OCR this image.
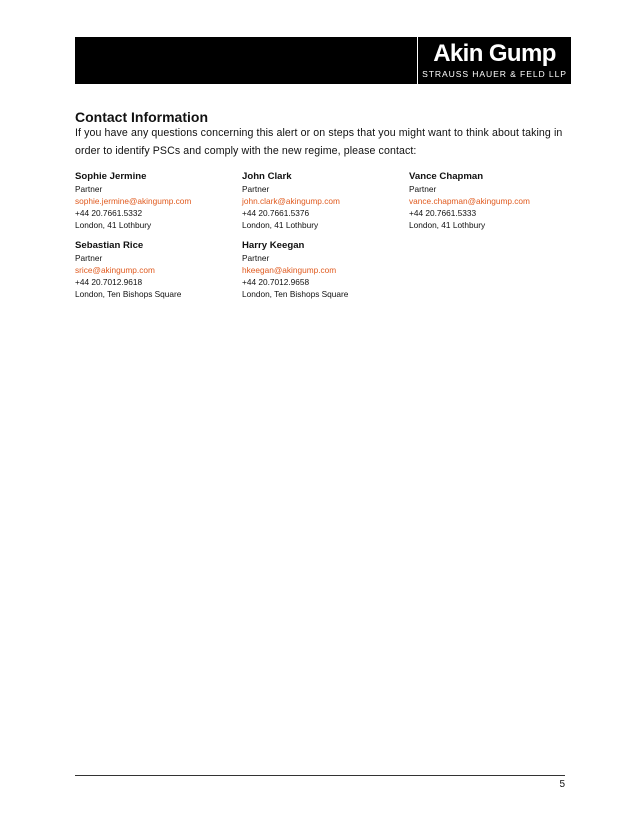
Akin Gump
STRAUSS HAUER & FELD LLP
Contact Information

If you have any questions concerning this alert or on steps that you might want to think about taking in order to identify PSCs and comply with the new regime, please contact:

Sophie Jermine
Partner
sophie.jermine@akingump.com
+44 20.7661.5332
London, 41 Lothbury
John Clark
Partner
john.clark@akingump.com
+44 20.7661.5376
London, 41 Lothbury
Vance Chapman
Partner
vance.chapman@akingump.com
+44 20.7661.5333
London, 41 Lothbury
Sebastian Rice
Partner
srice@akingump.com
+44 20.7012.9618
London, Ten Bishops Square
Harry Keegan
Partner
hkeegan@akingump.com
+44 20.7012.9658
London, Ten Bishops Square
5
